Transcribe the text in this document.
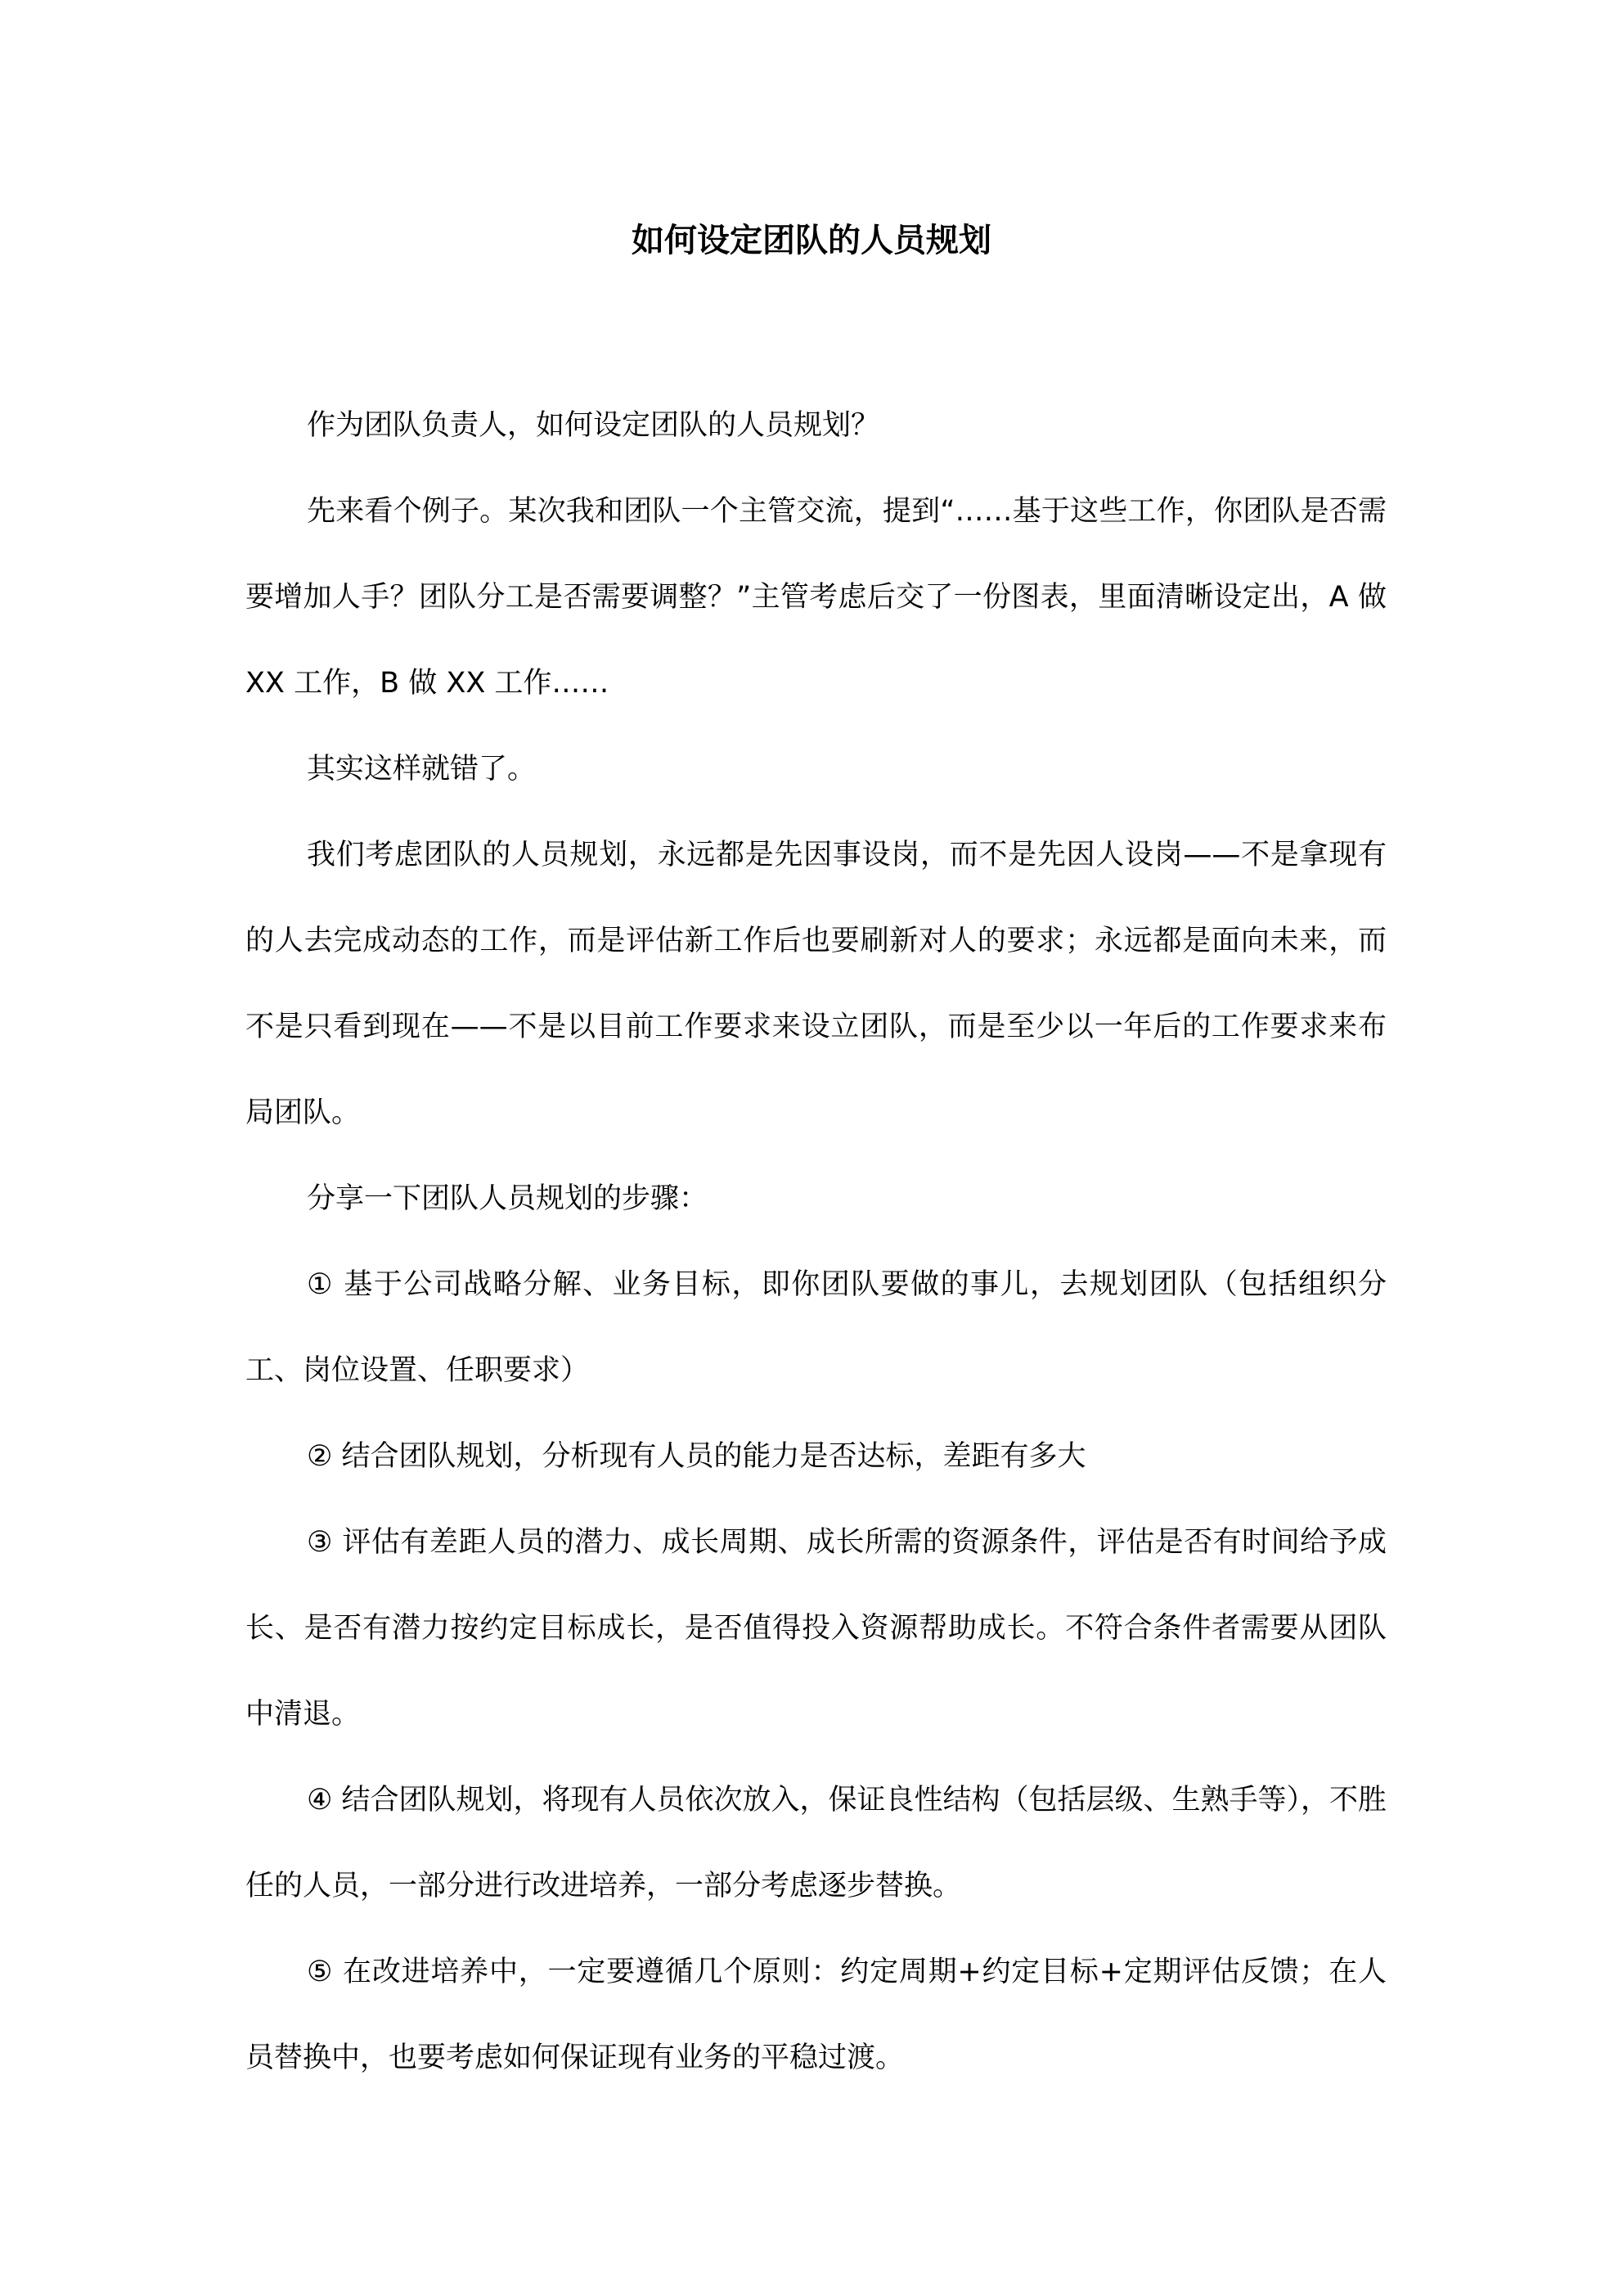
如何设定团队的人员规划

作为团队负责人，如何设定团队的人员规划？

先来看个例子。某次我和团队一个主管交流，提到“……基于这些工作，你团队是否需要增加人手？团队分工是否需要调整？”主管考虑后交了一份图表，里面清晰设定出，A 做 XX 工作，B 做 XX 工作……

其实这样就错了。

我们考虑团队的人员规划，永远都是先因事设岗，而不是先因人设岗——不是拿现有的人去完成动态的工作，而是评估新工作后也要刷新对人的要求；永远都是面向未来，而不是只看到现在——不是以目前工作要求来设立团队，而是至少以一年后的工作要求来布局团队。

分享一下团队人员规划的步骤：

① 基于公司战略分解、业务目标，即你团队要做的事儿，去规划团队（包括组织分工、岗位设置、任职要求）

② 结合团队规划，分析现有人员的能力是否达标，差距有多大

③ 评估有差距人员的潜力、成长周期、成长所需的资源条件，评估是否有时间给予成长、是否有潜力按约定目标成长，是否值得投入资源帮助成长。不符合条件者需要从团队中清退。

④ 结合团队规划，将现有人员依次放入，保证良性结构（包括层级、生熟手等），不胜任的人员，一部分进行改进培养，一部分考虑逐步替换。

⑤ 在改进培养中，一定要遵循几个原则：约定周期+约定目标+定期评估反馈；在人员替换中，也要考虑如何保证现有业务的平稳过渡。
